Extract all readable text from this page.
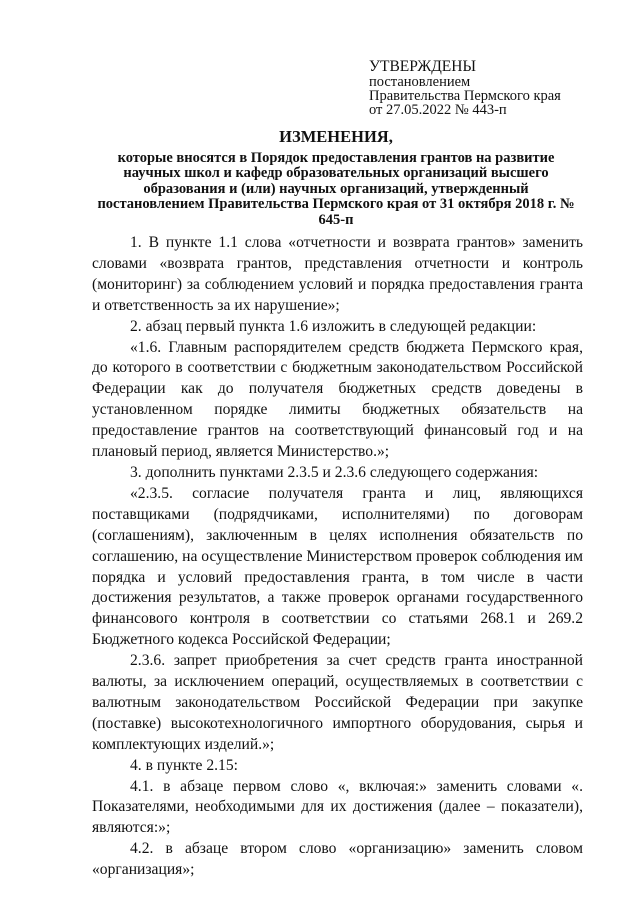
УТВЕРЖДЕНЫ
постановлением
Правительства Пермского края
от 27.05.2022 № 443-п
ИЗМЕНЕНИЯ,
которые вносятся в Порядок предоставления грантов на развитие научных школ и кафедр образовательных организаций высшего образования и (или) научных организаций, утвержденный постановлением Правительства Пермского края от 31 октября 2018 г. № 645-п

1. В пункте 1.1 слова «отчетности и возврата грантов» заменить словами «возврата грантов, представления отчетности и контроль (мониторинг) за соблюдением условий и порядка предоставления гранта и ответственность за их нарушение»;

2. абзац первый пункта 1.6 изложить в следующей редакции:

«1.6. Главным распорядителем средств бюджета Пермского края, до которого в соответствии с бюджетным законодательством Российской Федерации как до получателя бюджетных средств доведены в установленном порядке лимиты бюджетных обязательств на предоставление грантов на соответствующий финансовый год и на плановый период, является Министерство.»;

3. дополнить пунктами 2.3.5 и 2.3.6 следующего содержания:

«2.3.5. согласие получателя гранта и лиц, являющихся поставщиками (подрядчиками, исполнителями) по договорам (соглашениям), заключенным в целях исполнения обязательств по соглашению, на осуществление Министерством проверок соблюдения им порядка и условий предоставления гранта, в том числе в части достижения результатов, а также проверок органами государственного финансового контроля в соответствии со статьями 268.1 и 269.2 Бюджетного кодекса Российской Федерации;

2.3.6. запрет приобретения за счет средств гранта иностранной валюты, за исключением операций, осуществляемых в соответствии с валютным законодательством Российской Федерации при закупке (поставке) высокотехнологичного импортного оборудования, сырья и комплектующих изделий.»;

4. в пункте 2.15:

4.1. в абзаце первом слово «, включая:» заменить словами «. Показателями, необходимыми для их достижения (далее – показатели), являются:»;

4.2. в абзаце втором слово «организацию» заменить словом «организация»;
